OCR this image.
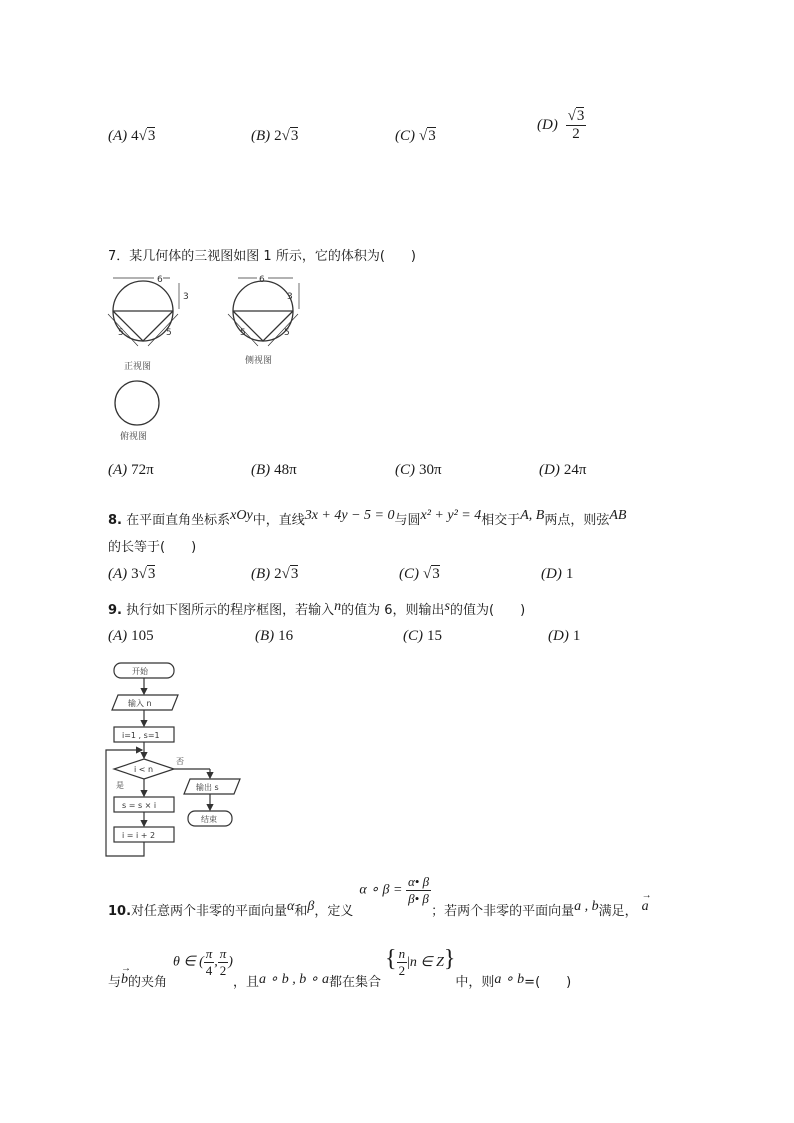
(A) 4√3	(B) 2√3	(C) √3
$(D) \frac{√3}{2}$
7．某几何体的三视图如图 1 所示，它的体积为(　　)
6
3
5	5
正视图
6
3
5	5
侧视图
俯视图
(A) 72π	(B) 48π	(C) 30π	(D) 24π
8. 在平面直角坐标系xOy中，直线3x + 4y − 5 = 0与圆x² + y² = 4相交于A, B两点，则弦AB
的长等于(　　)
(A) 3√3	(B) 2√3	(C) √3	(D) 1
9. 执行如下图所示的程序框图，若输入n的值为 6，则输出s的值为(　　)
(A) 105	(B) 16	(C) 15	(D) 1
开始
输入 n
i=1 , s=1
i < n
否
是	输出 s
结束
s = s × i
i = i + 2
10.对任意两个非零的平面向量α和β，定义α ∘ $\beta = \frac{\alpha• \beta}{\beta• \beta}$
；若两个非零的平面向量a , b满足，→ a
与→ b的夹角θ ∈ ( $\frac{\pi}{4}$ , $\frac{\pi}{2}$ )，且a ∘ b , b ∘ a都在集合{ $\frac{n}{2} |n$ ∈ Z}中，则a ∘ b=(　　)
